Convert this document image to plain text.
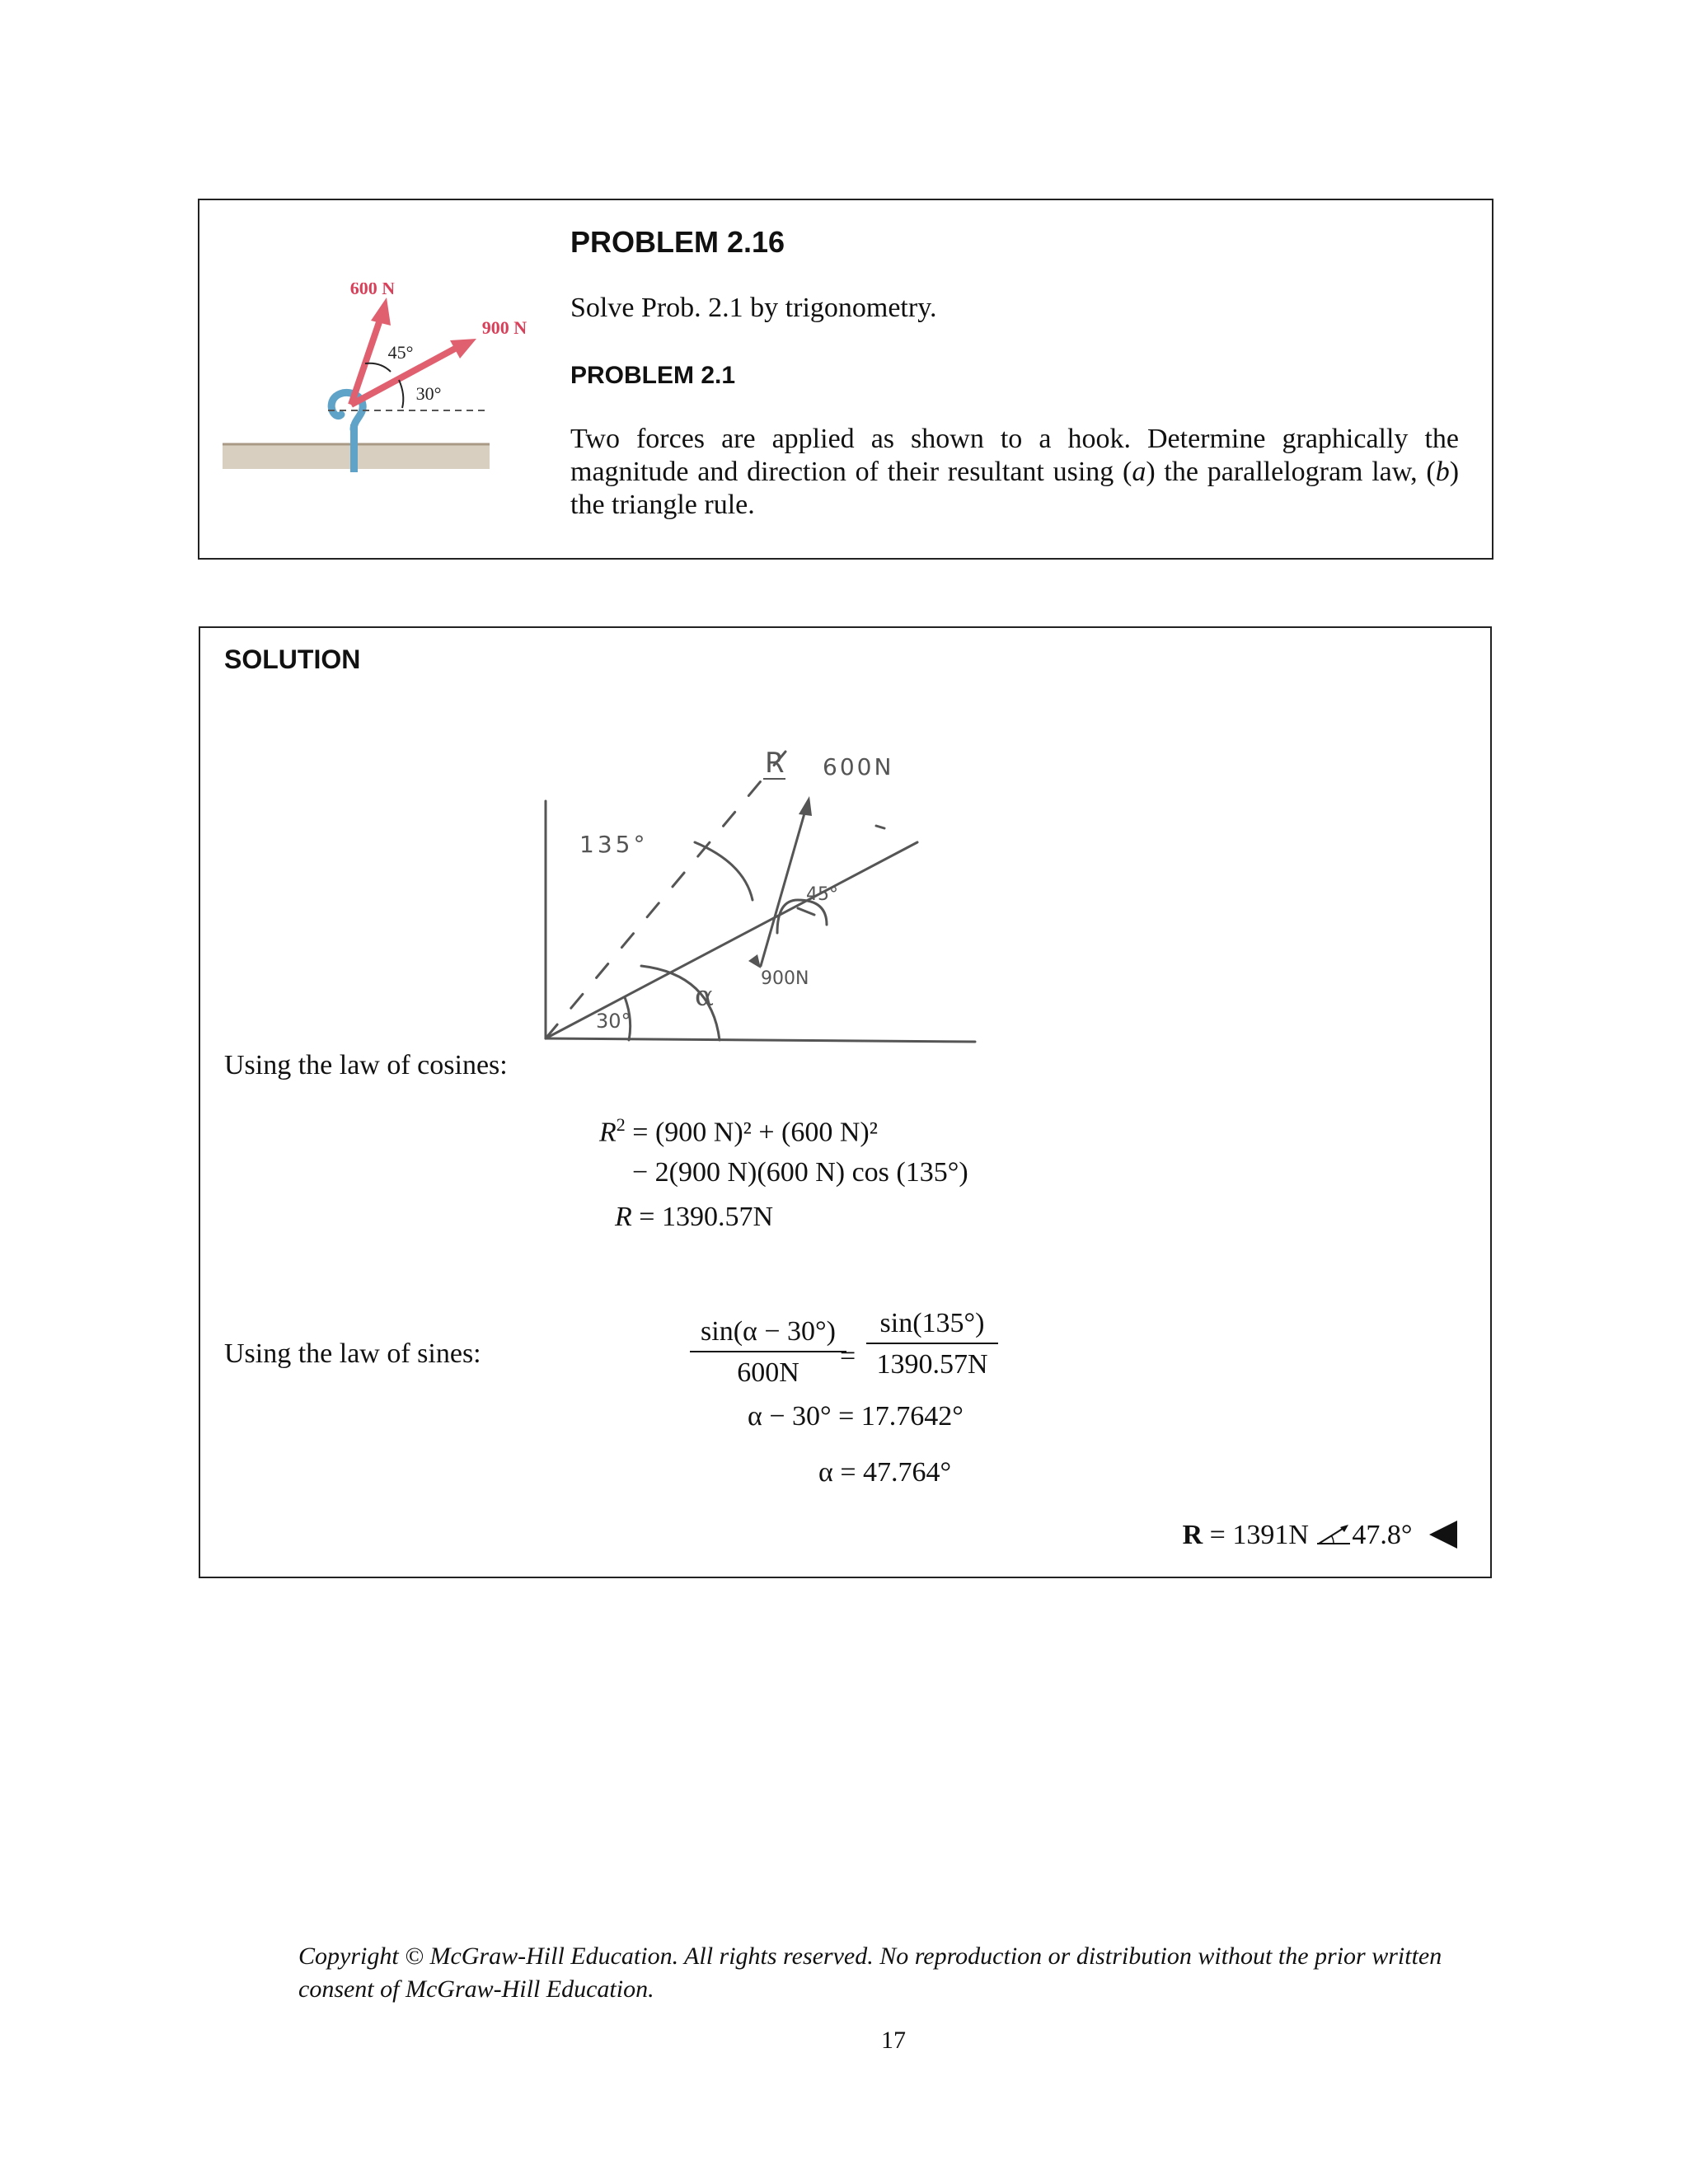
600 N
900 N
45°
30°
PROBLEM 2.16
Solve Prob. 2.1 by trigonometry.
PROBLEM 2.1
Two forces are applied as shown to a hook. Determine graphically the magnitude and direction of their resultant using (a) the parallelogram law, (b) the triangle rule.
SOLUTION
R 600N
900N
135°
45°
α
30°
Using the law of cosines:
$R^2 = (900$ N)² + (600 N)²
− 2(900 N)(600 N) cos (135°)
R = 1390.57N
Using the law of sines:	$\frac{\sin(\alpha - 30^\circ)}{600N}$
= $\frac{\sin(135^\circ)}{1390.57N}$
α − 30° = 17.7642°
α = 47.764°
R = 1391N 47.8°
Copyright © McGraw-Hill Education. All rights reserved. No reproduction or distribution without the prior written consent of McGraw-Hill Education.
17
